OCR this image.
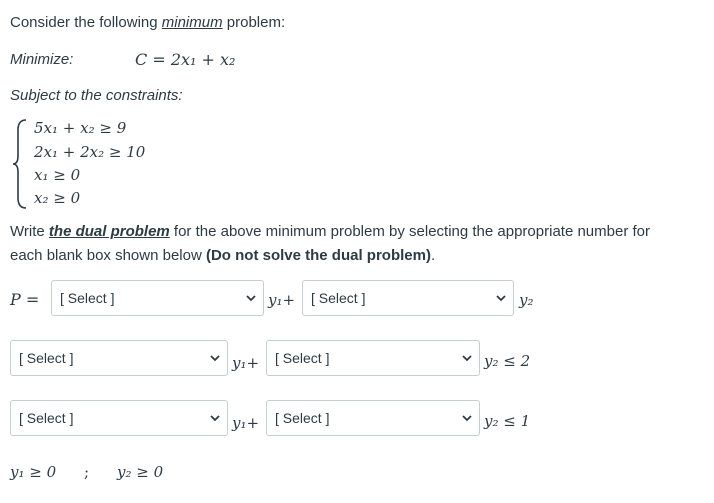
Consider the following minimum problem:
Minimize:	C = 2x₁ + x₂
Subject to the constraints:
5x₁ + x₂ ≥ 9
2x₁ + 2x₂ ≥ 10
x₁ ≥ 0
x₂ ≥ 0
Write the dual problem for the above minimum problem by selecting the appropriate number for
each blank box shown below (Do not solve the dual problem).
P = [ Select ]	y₁+ [ Select ]	y₂
[ Select ]	y₁+ [ Select ]	y₂ ≤ 2
[ Select ]	y₁+ [ Select ]	y₂ ≤ 1
y₁ ≥ 0 ; y₂ ≥ 0
